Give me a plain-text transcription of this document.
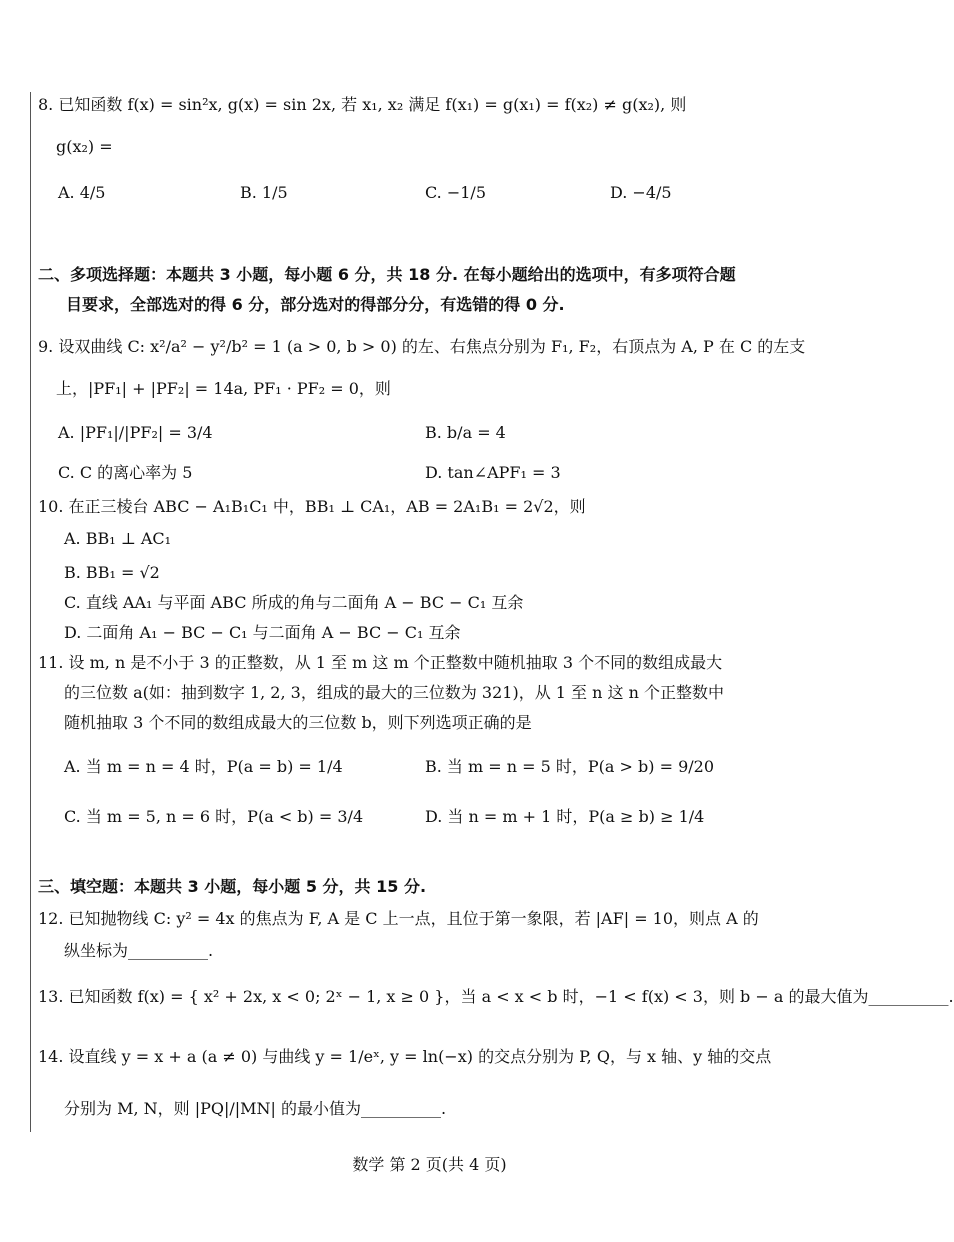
8. 已知函数 f(x) = sin²x, g(x) = sin 2x, 若 x₁, x₂ 满足 f(x₁) = g(x₁) = f(x₂) ≠ g(x₂), 则
g(x₂) =
A. 4/5	B. 1/5	C. −1/5	D. −4/5
二、多项选择题：本题共 3 小题，每小题 6 分，共 18 分. 在每小题给出的选项中，有多项符合题
目要求，全部选对的得 6 分，部分选对的得部分分，有选错的得 0 分.
9. 设双曲线 C: x²/a² − y²/b² = 1 (a > 0, b > 0) 的左、右焦点分别为 F₁, F₂，右顶点为 A, P 在 C 的左支
上，|PF₁| + |PF₂| = 14a, PF₁ · PF₂ = 0，则
A. |PF₁|/|PF₂| = 3/4	B. b/a = 4
C. C 的离心率为 5	D. tan∠APF₁ = 3
10. 在正三棱台 ABC − A₁B₁C₁ 中，BB₁ ⊥ CA₁，AB = 2A₁B₁ = 2√2，则
A. BB₁ ⊥ AC₁
B. BB₁ = √2
C. 直线 AA₁ 与平面 ABC 所成的角与二面角 A − BC − C₁ 互余
D. 二面角 A₁ − BC − C₁ 与二面角 A − BC − C₁ 互余
11. 设 m, n 是不小于 3 的正整数，从 1 至 m 这 m 个正整数中随机抽取 3 个不同的数组成最大
的三位数 a(如：抽到数字 1, 2, 3，组成的最大的三位数为 321)，从 1 至 n 这 n 个正整数中
随机抽取 3 个不同的数组成最大的三位数 b，则下列选项正确的是
A. 当 m = n = 4 时，P(a = b) = 1/4	B. 当 m = n = 5 时，P(a > b) = 9/20
C. 当 m = 5, n = 6 时，P(a < b) = 3/4	D. 当 n = m + 1 时，P(a ≥ b) ≥ 1/4
三、填空题：本题共 3 小题，每小题 5 分，共 15 分.
12. 已知抛物线 C: y² = 4x 的焦点为 F, A 是 C 上一点，且位于第一象限，若 |AF| = 10，则点 A 的
纵坐标为__________.
13. 已知函数 f(x) = { x² + 2x, x < 0; 2ˣ − 1, x ≥ 0 }，当 a < x < b 时，−1 < f(x) < 3，则 b − a 的最大值为__________.
14. 设直线 y = x + a (a ≠ 0) 与曲线 y = 1/eˣ, y = ln(−x) 的交点分别为 P, Q，与 x 轴、y 轴的交点
分别为 M, N，则 |PQ|/|MN| 的最小值为__________.
数学 第 2 页(共 4 页)
